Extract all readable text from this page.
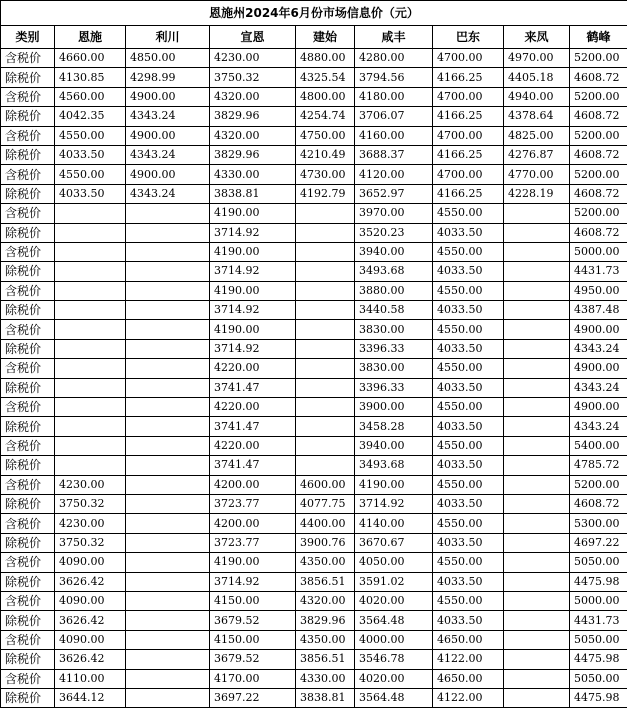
恩施州2024年6月份市场信息价（元）
类别	恩施	利川	宣恩	建始	咸丰	巴东	来凤	鹤峰
含税价	4660.00	4850.00	4230.00	4880.00	4280.00	4700.00	4970.00	5200.00
除税价	4130.85	4298.99	3750.32	4325.54	3794.56	4166.25	4405.18	4608.72
含税价	4560.00	4900.00	4320.00	4800.00	4180.00	4700.00	4940.00	5200.00
除税价	4042.35	4343.24	3829.96	4254.74	3706.07	4166.25	4378.64	4608.72
含税价	4550.00	4900.00	4320.00	4750.00	4160.00	4700.00	4825.00	5200.00
除税价	4033.50	4343.24	3829.96	4210.49	3688.37	4166.25	4276.87	4608.72
含税价	4550.00	4900.00	4330.00	4730.00	4120.00	4700.00	4770.00	5200.00
除税价	4033.50	4343.24	3838.81	4192.79	3652.97	4166.25	4228.19	4608.72
含税价			4190.00		3970.00	4550.00		5200.00
除税价			3714.92		3520.23	4033.50		4608.72
含税价			4190.00		3940.00	4550.00		5000.00
除税价			3714.92		3493.68	4033.50		4431.73
含税价			4190.00		3880.00	4550.00		4950.00
除税价			3714.92		3440.58	4033.50		4387.48
含税价			4190.00		3830.00	4550.00		4900.00
除税价			3714.92		3396.33	4033.50		4343.24
含税价			4220.00		3830.00	4550.00		4900.00
除税价			3741.47		3396.33	4033.50		4343.24
含税价			4220.00		3900.00	4550.00		4900.00
除税价			3741.47		3458.28	4033.50		4343.24
含税价			4220.00		3940.00	4550.00		5400.00
除税价			3741.47		3493.68	4033.50		4785.72
含税价	4230.00		4200.00	4600.00	4190.00	4550.00		5200.00
除税价	3750.32		3723.77	4077.75	3714.92	4033.50		4608.72
含税价	4230.00		4200.00	4400.00	4140.00	4550.00		5300.00
除税价	3750.32		3723.77	3900.76	3670.67	4033.50		4697.22
含税价	4090.00		4190.00	4350.00	4050.00	4550.00		5050.00
除税价	3626.42		3714.92	3856.51	3591.02	4033.50		4475.98
含税价	4090.00		4150.00	4320.00	4020.00	4550.00		5000.00
除税价	3626.42		3679.52	3829.96	3564.48	4033.50		4431.73
含税价	4090.00		4150.00	4350.00	4000.00	4650.00		5050.00
除税价	3626.42		3679.52	3856.51	3546.78	4122.00		4475.98
含税价	4110.00		4170.00	4330.00	4020.00	4650.00		5050.00
除税价	3644.12		3697.22	3838.81	3564.48	4122.00		4475.98
